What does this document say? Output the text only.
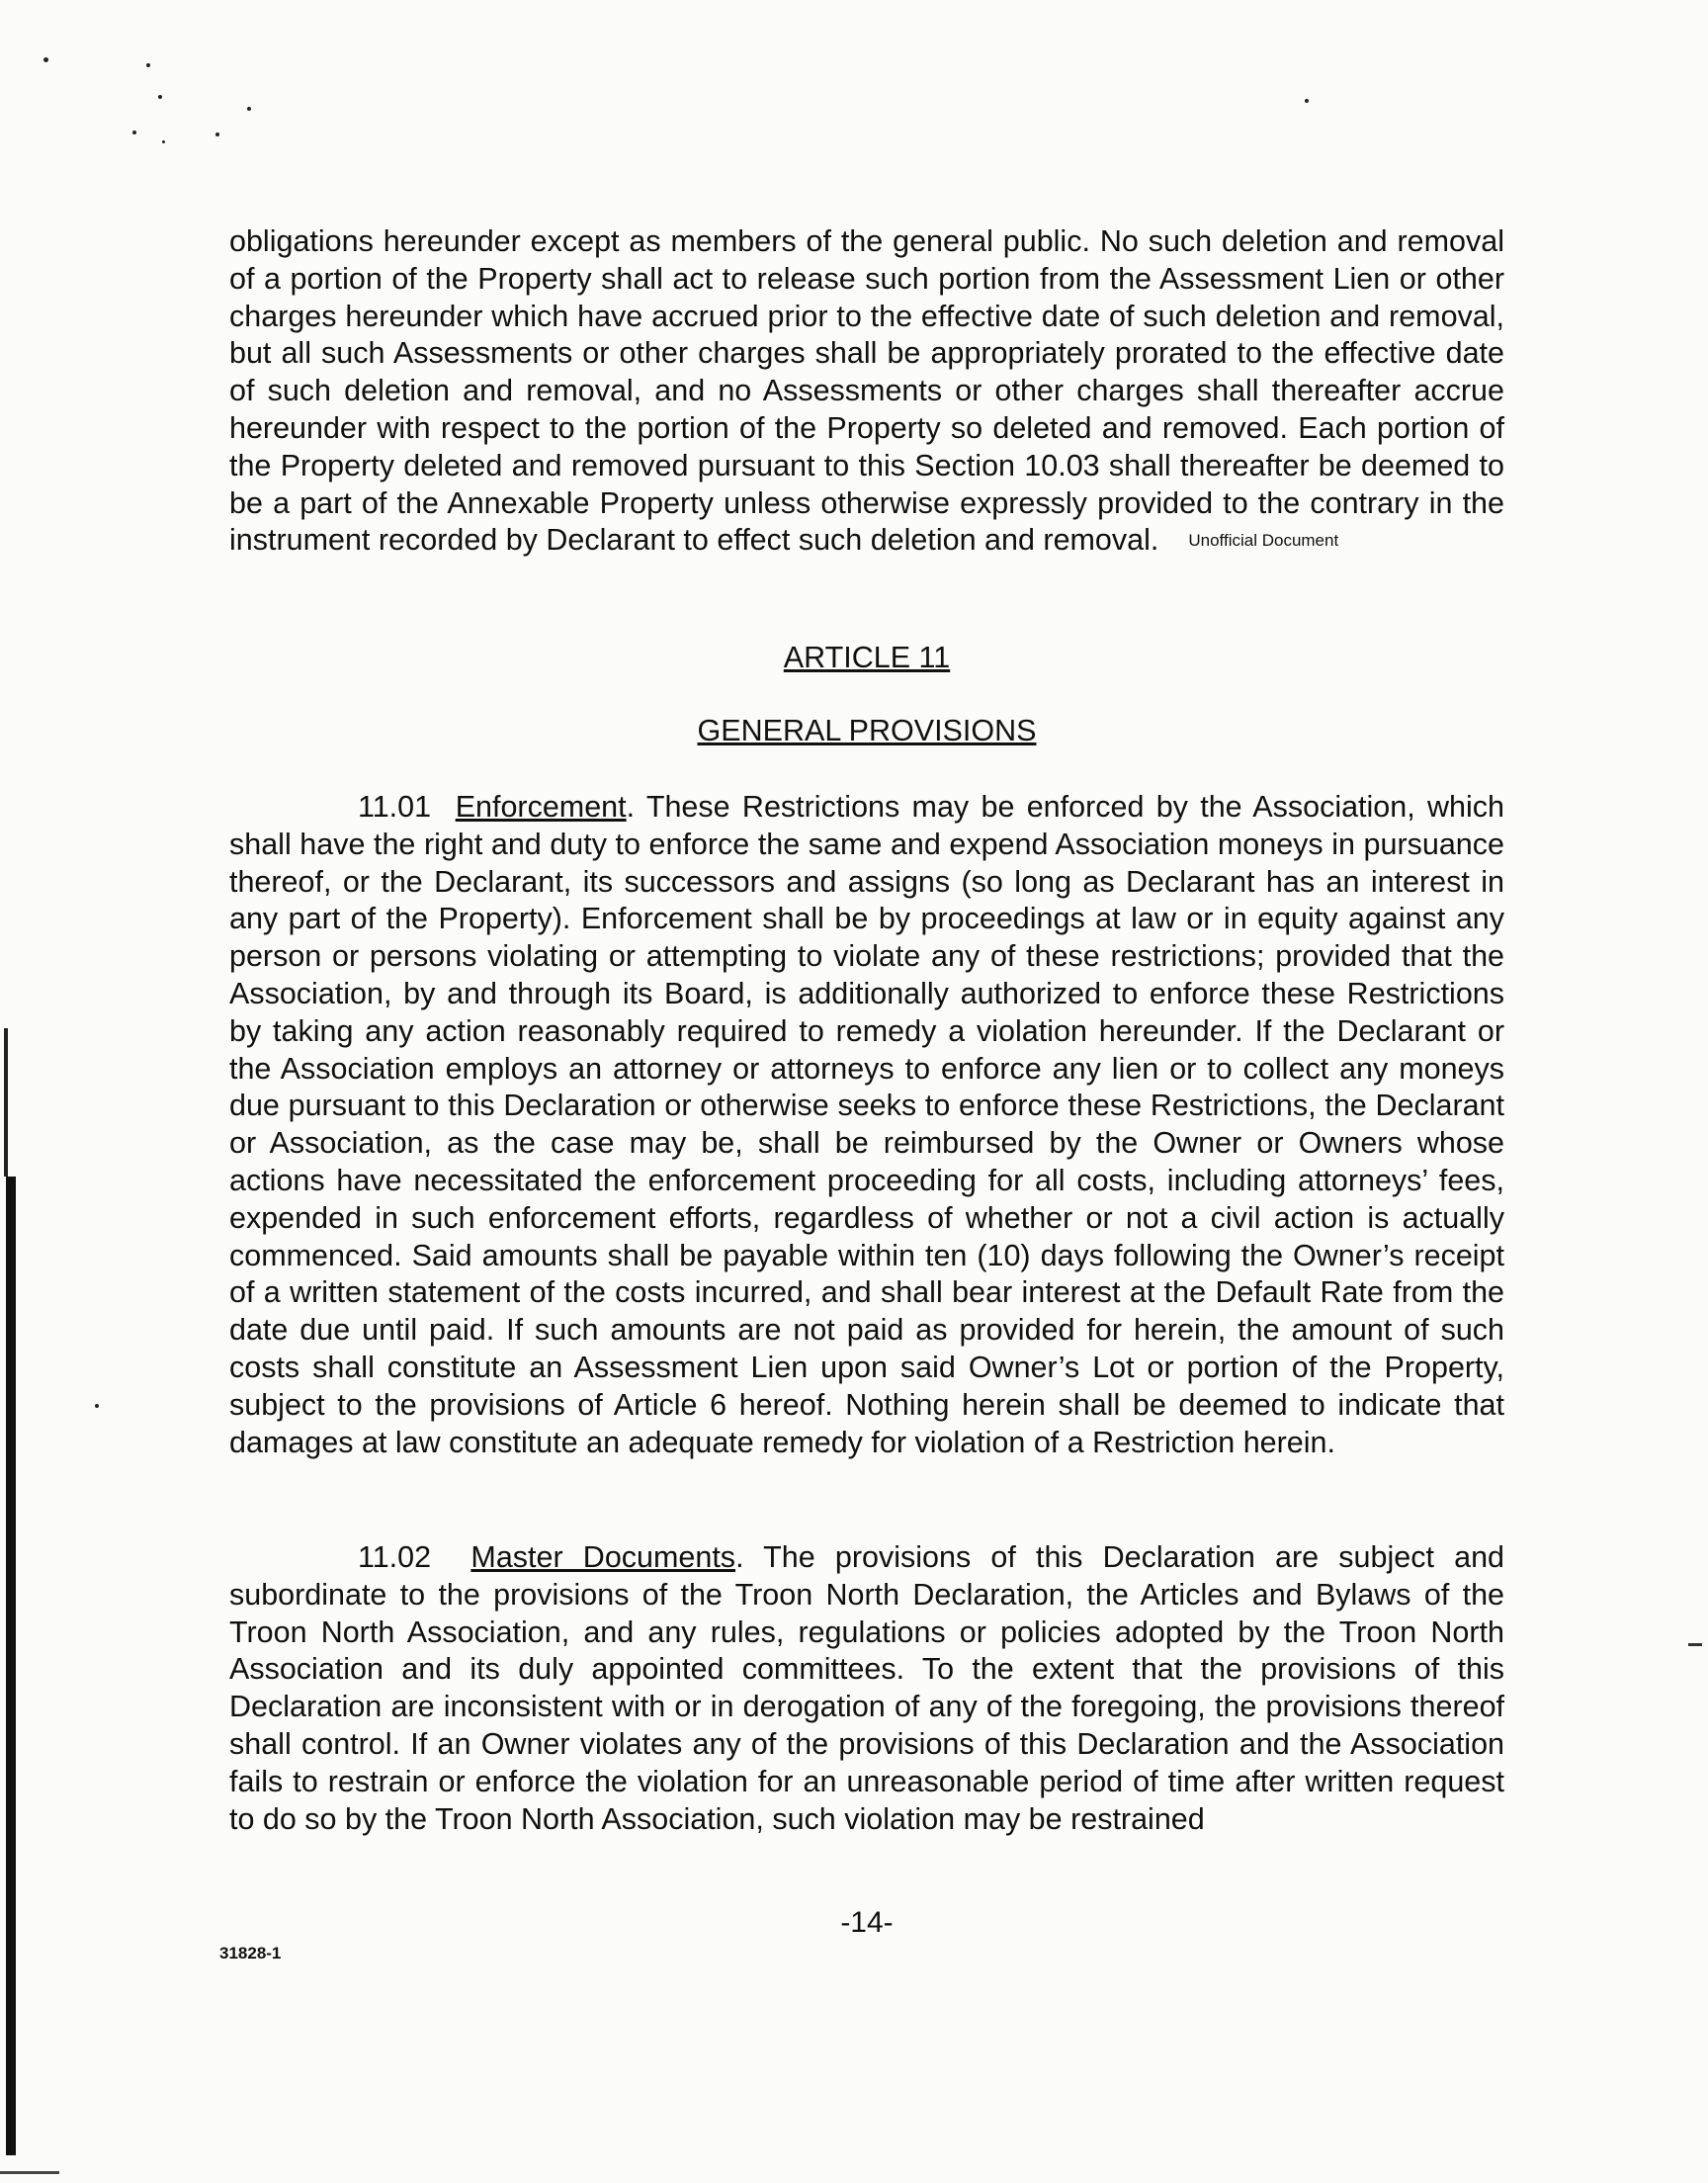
obligations hereunder except as members of the general public. No such deletion and removal of a portion of the Property shall act to release such portion from the Assessment Lien or other charges hereunder which have accrued prior to the effective date of such deletion and removal, but all such Assessments or other charges shall be appropriately prorated to the effective date of such deletion and removal, and no Assessments or other charges shall thereafter accrue hereunder with respect to the portion of the Property so deleted and removed. Each portion of the Property deleted and removed pursuant to this Section 10.03 shall thereafter be deemed to be a part of the Annexable Property unless otherwise expressly provided to the contrary in the instrument recorded by Declarant to effect such deletion and removal. Unofficial Document
ARTICLE 11
GENERAL PROVISIONS
11.01 Enforcement. These Restrictions may be enforced by the Association, which shall have the right and duty to enforce the same and expend Association moneys in pursuance thereof, or the Declarant, its successors and assigns (so long as Declarant has an interest in any part of the Property). Enforcement shall be by proceedings at law or in equity against any person or persons violating or attempting to violate any of these restrictions; provided that the Association, by and through its Board, is additionally authorized to enforce these Restrictions by taking any action reasonably required to remedy a violation hereunder. If the Declarant or the Association employs an attorney or attorneys to enforce any lien or to collect any moneys due pursuant to this Declaration or otherwise seeks to enforce these Restrictions, the Declarant or Association, as the case may be, shall be reimbursed by the Owner or Owners whose actions have necessitated the enforcement proceeding for all costs, including attorneys’ fees, expended in such enforcement efforts, regardless of whether or not a civil action is actually commenced. Said amounts shall be payable within ten (10) days following the Owner’s receipt of a written statement of the costs incurred, and shall bear interest at the Default Rate from the date due until paid. If such amounts are not paid as provided for herein, the amount of such costs shall constitute an Assessment Lien upon said Owner’s Lot or portion of the Property, subject to the provisions of Article 6 hereof. Nothing herein shall be deemed to indicate that damages at law constitute an adequate remedy for violation of a Restriction herein.
11.02 Master Documents. The provisions of this Declaration are subject and subordinate to the provisions of the Troon North Declaration, the Articles and Bylaws of the Troon North Association, and any rules, regulations or policies adopted by the Troon North Association and its duly appointed committees. To the extent that the provisions of this Declaration are inconsistent with or in derogation of any of the foregoing, the provisions thereof shall control. If an Owner violates any of the provisions of this Declaration and the Association fails to restrain or enforce the violation for an unreasonable period of time after written request to do so by the Troon North Association, such violation may be restrained
-14-
31828-1
